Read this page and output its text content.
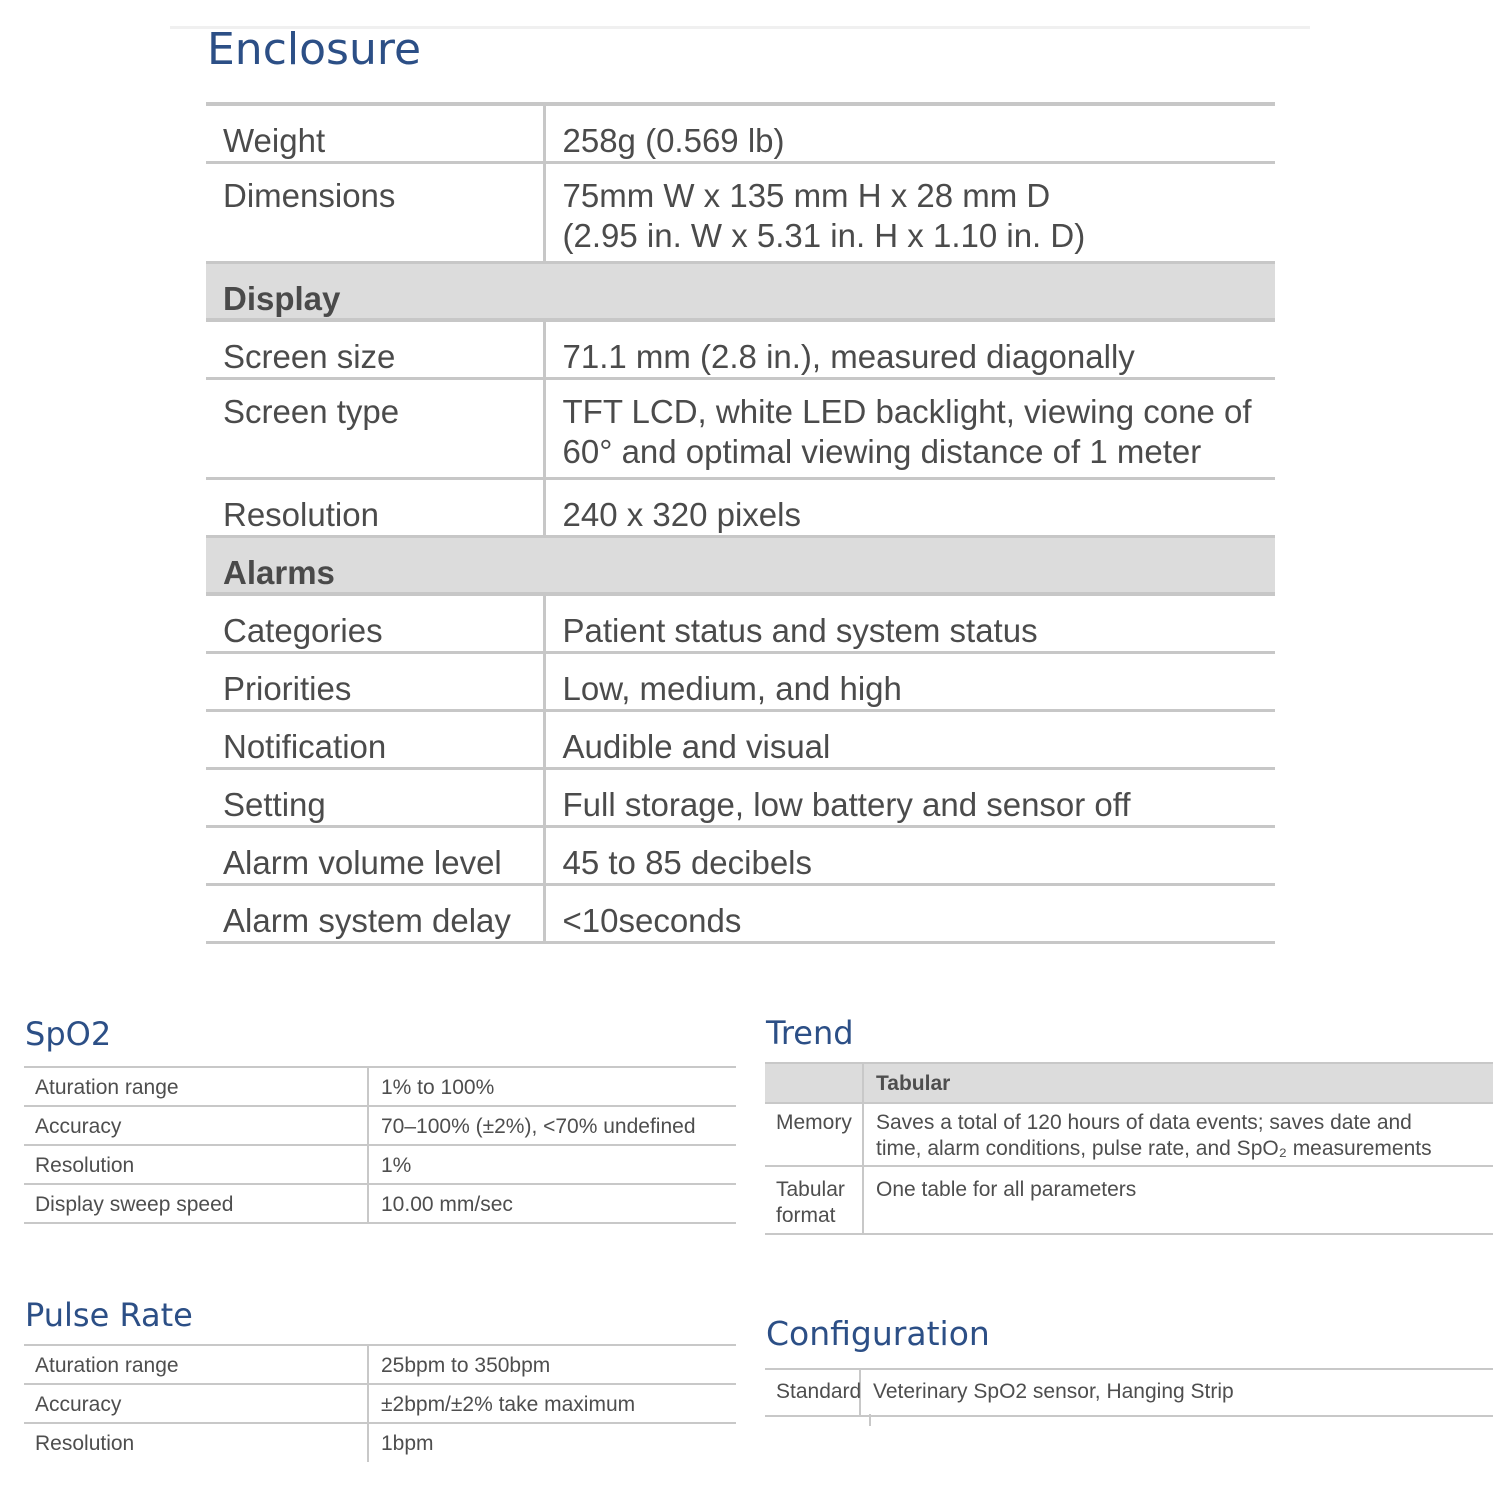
Enclosure
Weight	258g (0.569 lb)
Dimensions	75mm W x 135 mm H x 28 mm D
(2.95 in. W x 5.31 in. H x 1.10 in. D)
Display	
Screen size	71.1 mm (2.8 in.), measured diagonally
Screen type	TFT LCD, white LED backlight, viewing cone of
60° and optimal viewing distance of 1 meter
Resolution	240 x 320 pixels
Alarms	
Categories	Patient status and system status
Priorities	Low, medium, and high
Notification	Audible and visual
Setting	Full storage, low battery and sensor off
Alarm volume level	45 to 85 decibels
Alarm system delay	<10seconds
SpO2
Aturation range	1% to 100%
Accuracy	70–100% (±2%), <70% undefined
Resolution	1%
Display sweep speed	10.00 mm/sec
Pulse Rate
Aturation range	25bpm to 350bpm
Accuracy	±2bpm/±2% take maximum
Resolution	1bpm
Trend
	Tabular
Memory	Saves a total of 120 hours of data events; saves date and
time, alarm conditions, pulse rate, and SpO₂ measurements
Tabular
format	One table for all parameters
Configuration
Standard	Veterinary SpO2 sensor, Hanging Strip
